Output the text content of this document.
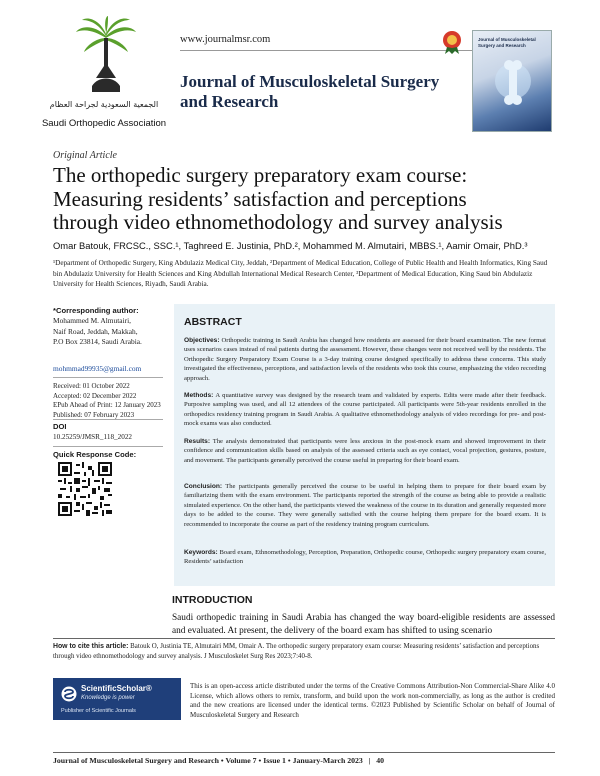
الجمعية السعودية لجراحة العظام
Saudi Orthopedic Association
www.journalmsr.com
Journal of Musculoskeletal Surgery
and Research
Journal of Musculoskeletal Surgery and Research
Original Article
The orthopedic surgery preparatory exam course:
Measuring residents’ satisfaction and perceptions
through video ethnomethodology and survey analysis
Omar Batouk, FRCSC., SSC.¹, Taghreed E. Justinia, PhD.², Mohammed M. Almutairi, MBBS.¹, Aamir Omair, PhD.³
¹Department of Orthopedic Surgery, King Abdulaziz Medical City, Jeddah, ²Department of Medical Education, College of Public Health and Health Informatics, King Saud bin Abdulaziz University for Health Sciences and King Abdullah International Medical Research Center, ³Department of Medical Education, King Saud bin Abdulaziz University for Health Sciences, Riyadh, Saudi Arabia.
*Corresponding author:
Mohammed M. Almutairi,
Naif Road, Jeddah, Makkah,
P.O Box 23814, Saudi Arabia.
mohmmad99935@gmail.com
Received: 01 October 2022
Accepted: 02 December 2022
EPub Ahead of Print: 12 January 2023
Published: 07 February 2023
DOI
10.25259/JMSR_118_2022
Quick Response Code:
ABSTRACT

Objectives: Orthopedic training in Saudi Arabia has changed how residents are assessed for their board examination. The new format uses scenarios cases instead of real patients during the assessment. However, these changes were not received well by the residents. The Orthopedic Surgery Preparatory Exam Course is a 3-day training course designed specifically to address these concerns. This study investigated the effectiveness, perceptions, and satisfaction levels of the residents who took this course, emphasizing the video recording approach.

Methods: A quantitative survey was designed by the research team and validated by experts. Edits were made after their feedback. Purposive sampling was used, and all 12 attendees of the course participated. All participants were 5th-year residents enrolled in the orthopedics residency training program in Saudi Arabia. A qualitative ethnomethodology analysis of video recordings for pre- and post-mock exams was also conducted.

Results: The analysis demonstrated that participants were less anxious in the post-mock exam and showed improvement in their confidence and communication skills based on analysis of the assessed criteria such as eye contact, vocal projection, gestures, posture, and movement. The participants generally perceived the course useful in preparing for their board exam.

Conclusion: The participants generally perceived the course to be useful in helping them to prepare for their board exam by familiarizing them with the exam environment. The participants reported the strength of the course as being able to provide a realistic simulated experience. On the other hand, the participants viewed the weakness of the course in its duration and generally requested more days to be added to the course. They were generally satisfied with the course helping them prepare for the board exam. It is recommended to incorporate the course as part of the residency training program curriculum.

Keywords: Board exam, Ethnomethodology, Perception, Preparation, Orthopedic course, Orthopedic surgery preparatory exam course, Residents’ satisfaction

INTRODUCTION
Saudi orthopedic training in Saudi Arabia has changed the way board-eligible residents are assessed and evaluated. At present, the delivery of the board exam has shifted to using scenario
How to cite this article: Batouk O, Justinia TE, Almutairi MM, Omair A. The orthopedic surgery preparatory exam course: Measuring residents’ satisfaction and perceptions through video ethnomethodology and survey analysis. J Musculoskelet Surg Res 2023;7:40-8.
ScientificScholar®
Knowledge is power
Publisher of Scientific Journals
This is an open-access article distributed under the terms of the Creative Commons Attribution-Non Commercial-Share Alike 4.0 License, which allows others to remix, transform, and build upon the work non-commercially, as long as the author is credited and the new creations are licensed under the identical terms. ©2023 Published by Scientific Scholar on behalf of Journal of Musculoskeletal Surgery and Research
Journal of Musculoskeletal Surgery and Research • Volume 7 • Issue 1 • January-March 2023   |   40
